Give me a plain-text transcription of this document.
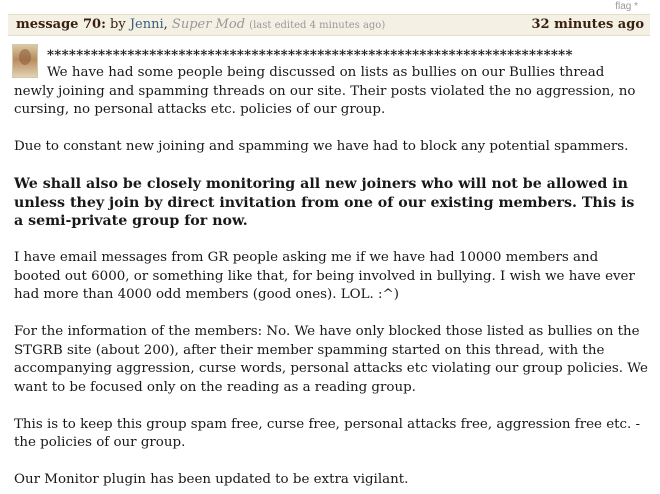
flag *
message 70: by Jenni, Super Mod (last edited 4 minutes ago)	32 minutes ago
************************************************************************

We have had some people being discussed on lists as bullies on our Bullies thread newly joining and spamming threads on our site. Their posts violated the no aggression, no cursing, no personal attacks etc. policies of our group.

Due to constant new joining and spamming we have had to block any potential spammers.

We shall also be closely monitoring all new joiners who will not be allowed in unless they join by direct invitation from one of our existing members. This is a semi-private group for now.

I have email messages from GR people asking me if we have had 10000 members and booted out 6000, or something like that, for being involved in bullying. I wish we have ever had more than 4000 odd members (good ones). LOL. :^)

For the information of the members: No. We have only blocked those listed as bullies on the STGRB site (about 200), after their member spamming started on this thread, with the accompanying aggression, curse words, personal attacks etc violating our group policies. We want to be focused only on the reading as a reading group.

This is to keep this group spam free, curse free, personal attacks free, aggression free etc. - the policies of our group.

Our Monitor plugin has been updated to be extra vigilant.
